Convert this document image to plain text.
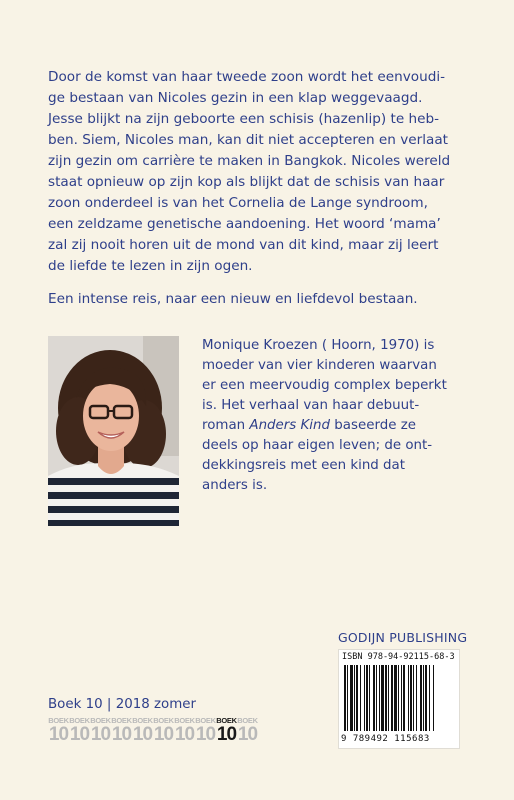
Door de komst van haar tweede zoon wordt het eenvoudi-
ge bestaan van Nicoles gezin in een klap weggevaagd.
Jesse blijkt na zijn geboorte een schisis (hazenlip) te heb-
ben. Siem, Nicoles man, kan dit niet accepteren en verlaat
zijn gezin om carrière te maken in Bangkok. Nicoles wereld
staat opnieuw op zijn kop als blijkt dat de schisis van haar
zoon onderdeel is van het Cornelia de Lange syndroom,
een zeldzame genetische aandoening. Het woord ‘mama’
zal zij nooit horen uit de mond van dit kind, maar zij leert
de liefde te lezen in zijn ogen.

Een intense reis, naar een nieuw en liefdevol bestaan.

Monique Kroezen ( Hoorn, 1970) is
moeder van vier kinderen waarvan
er een meervoudig complex beperkt
is. Het verhaal van haar debuut-
roman Anders Kind baseerde ze
deels op haar eigen leven; de ont-
dekkingsreis met een kind dat
anders is.
GODIJN PUBLISHING
ISBN 978-94-92115-68-3
9 789492 115683
Boek 10 | 2018 zomer
BOEK
10
BOEK
10
BOEK
10
BOEK
10
BOEK
10
BOEK
10
BOEK
10
BOEK
10
BOEK
10
BOEK
10
